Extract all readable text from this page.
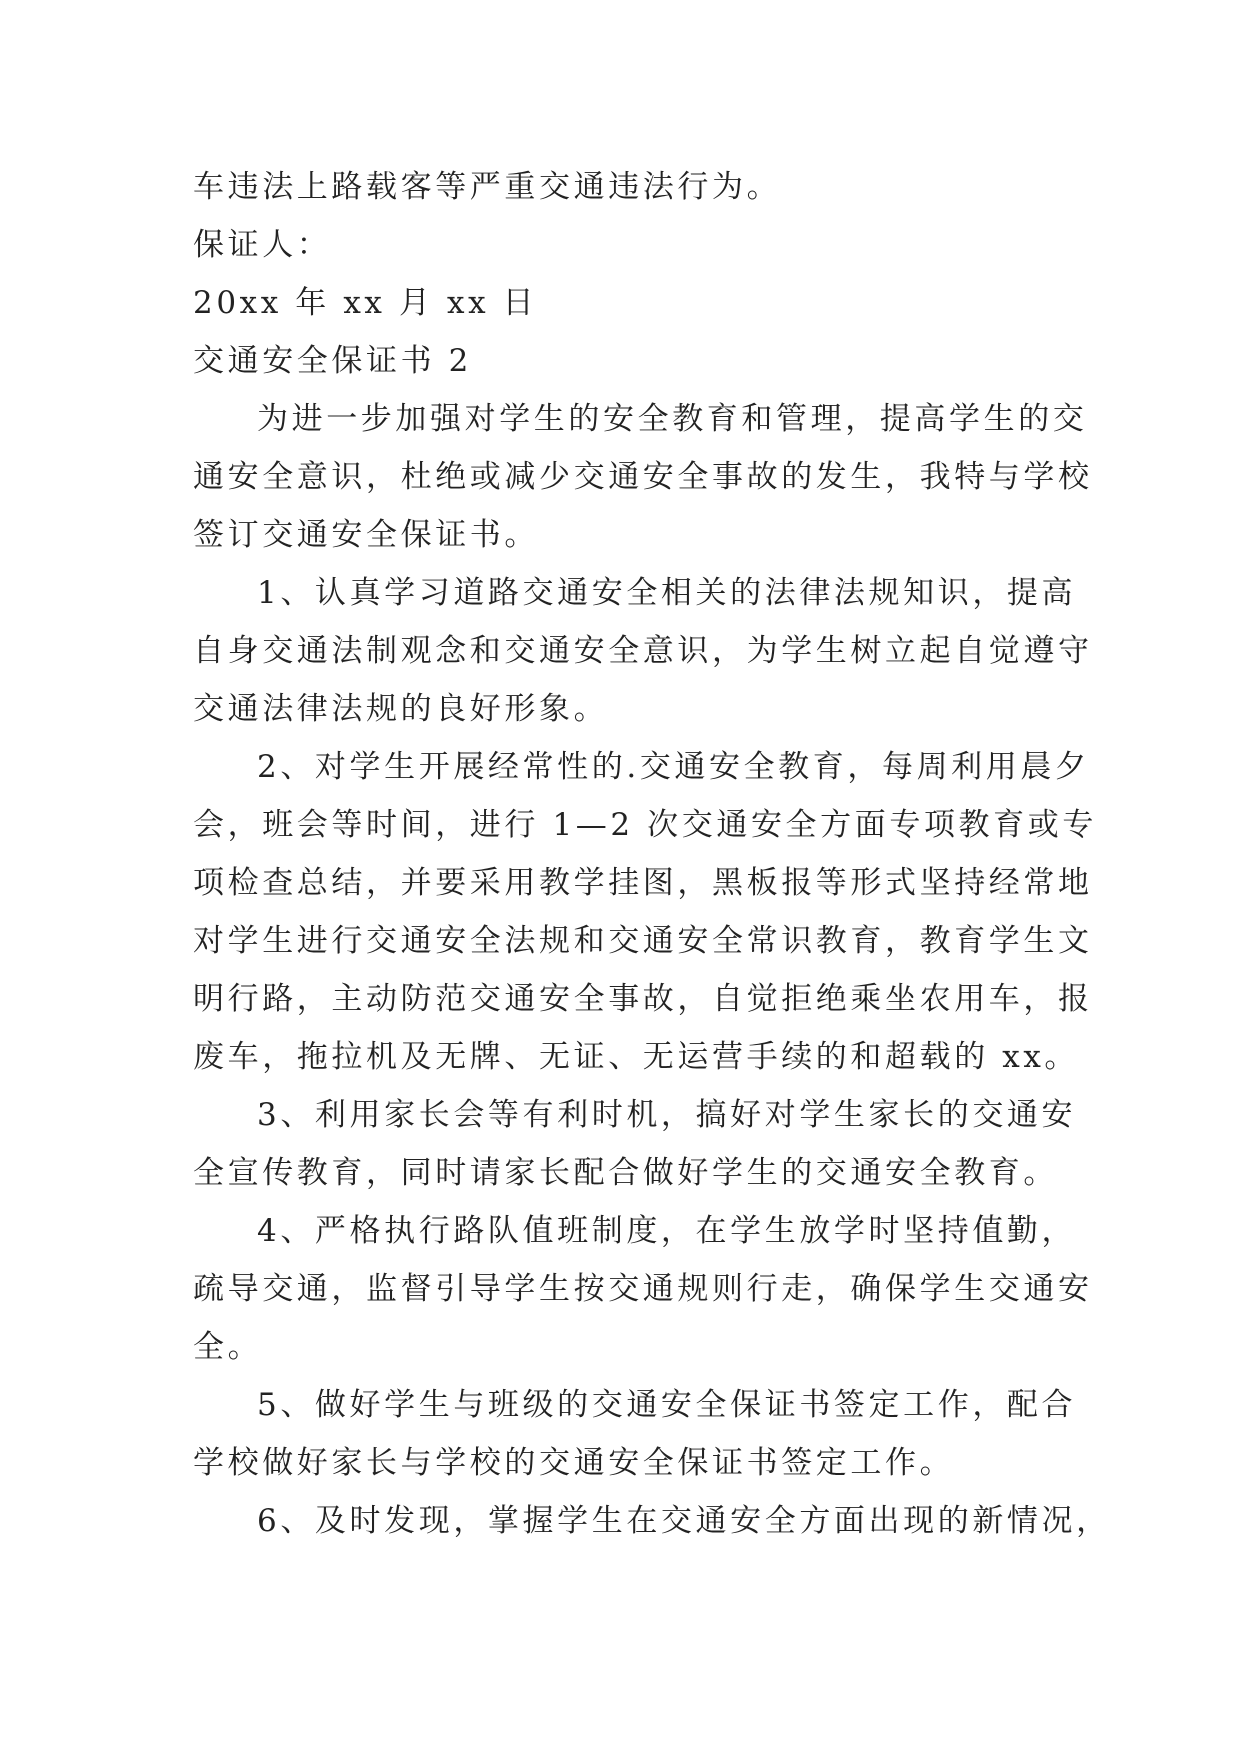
车违法上路载客等严重交通违法行为。

保证人：

20xx 年 xx 月 xx 日

交通安全保证书 2

为进一步加强对学生的安全教育和管理，提高学生的交

通安全意识，杜绝或减少交通安全事故的发生，我特与学校

签订交通安全保证书。

1、认真学习道路交通安全相关的法律法规知识，提高

自身交通法制观念和交通安全意识，为学生树立起自觉遵守

交通法律法规的良好形象。

2、对学生开展经常性的.交通安全教育，每周利用晨夕

会，班会等时间，进行 1—2 次交通安全方面专项教育或专

项检查总结，并要采用教学挂图，黑板报等形式坚持经常地

对学生进行交通安全法规和交通安全常识教育，教育学生文

明行路，主动防范交通安全事故，自觉拒绝乘坐农用车，报

废车，拖拉机及无牌、无证、无运营手续的和超载的 xx。

3、利用家长会等有利时机，搞好对学生家长的交通安

全宣传教育，同时请家长配合做好学生的交通安全教育。

4、严格执行路队值班制度，在学生放学时坚持值勤，

疏导交通，监督引导学生按交通规则行走，确保学生交通安

全。

5、做好学生与班级的交通安全保证书签定工作，配合

学校做好家长与学校的交通安全保证书签定工作。

6、及时发现，掌握学生在交通安全方面出现的新情况，
